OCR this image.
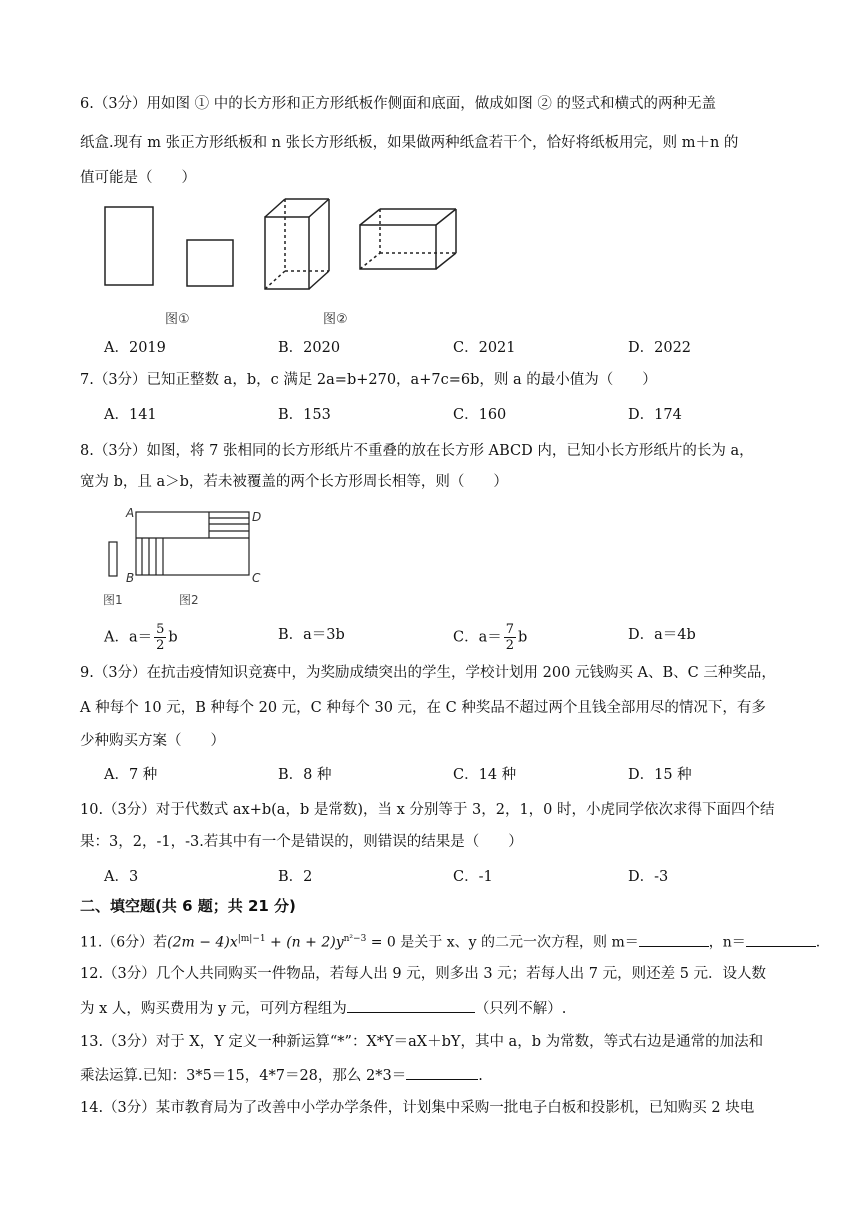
6.（3分）用如图 ① 中的长方形和正方形纸板作侧面和底面，做成如图 ② 的竖式和横式的两种无盖
纸盒.现有 m 张正方形纸板和 n 张长方形纸板，如果做两种纸盒若干个，恰好将纸板用完，则 m＋n 的
值可能是（　　）
图①	图②
A．2019	B．2020	C．2021	D．2022
7.（3分）已知正整数 a，b，c 满足 2a=b+270，a+7c=6b，则 a 的最小值为（　　）
A．141	B．153	C．160	D．174
8.（3分）如图，将 7 张相同的长方形纸片不重叠的放在长方形 ABCD 内，已知小长方形纸片的长为 a，
宽为 b，且 a＞b，若未被覆盖的两个长方形周长相等，则（　　）
A	D
B	C
图1	图2
A．$a= \frac{5}{2}$ b	B．a＝3b	C．$a= \frac{7}{2}$ b	D．a＝4b
9.（3分）在抗击疫情知识竞赛中，为奖励成绩突出的学生，学校计划用 200 元钱购买 A、B、C 三种奖品，
A 种每个 10 元，B 种每个 20 元，C 种每个 30 元，在 C 种奖品不超过两个且钱全部用尽的情况下，有多
少种购买方案（　　）
A．7 种	B．8 种	C．14 种	D．15 种
10.（3分）对于代数式 ax+b(a，b 是常数)，当 x 分别等于 3，2，1，0 时，小虎同学依次求得下面四个结
果：3，2，-1，-3.若其中有一个是错误的，则错误的结果是（　　）
A．3	B．2	C．-1	D．-3
二、填空题(共 6 题；共 21 分)
11.（6分）若$(2m - 4)x^{|m|-1} + (n + 2)y^{n^2-3} = 0$ 是关于 x、y 的二元一次方程，则 m＝	，n＝	.
12.（3分）几个人共同购买一件物品，若每人出 9 元，则多出 3 元；若每人出 7 元，则还差 5 元．设人数
为 x 人，购买费用为 y 元，可列方程组为	（只列不解）.
13.（3分）对于 X，Y 定义一种新运算“*”：X*Y＝aX＋bY，其中 a，b 为常数，等式右边是通常的加法和
乘法运算.已知：3*5＝15，4*7＝28，那么 2*3＝	.
14.（3分）某市教育局为了改善中小学办学条件，计划集中采购一批电子白板和投影机，已知购买 2 块电
